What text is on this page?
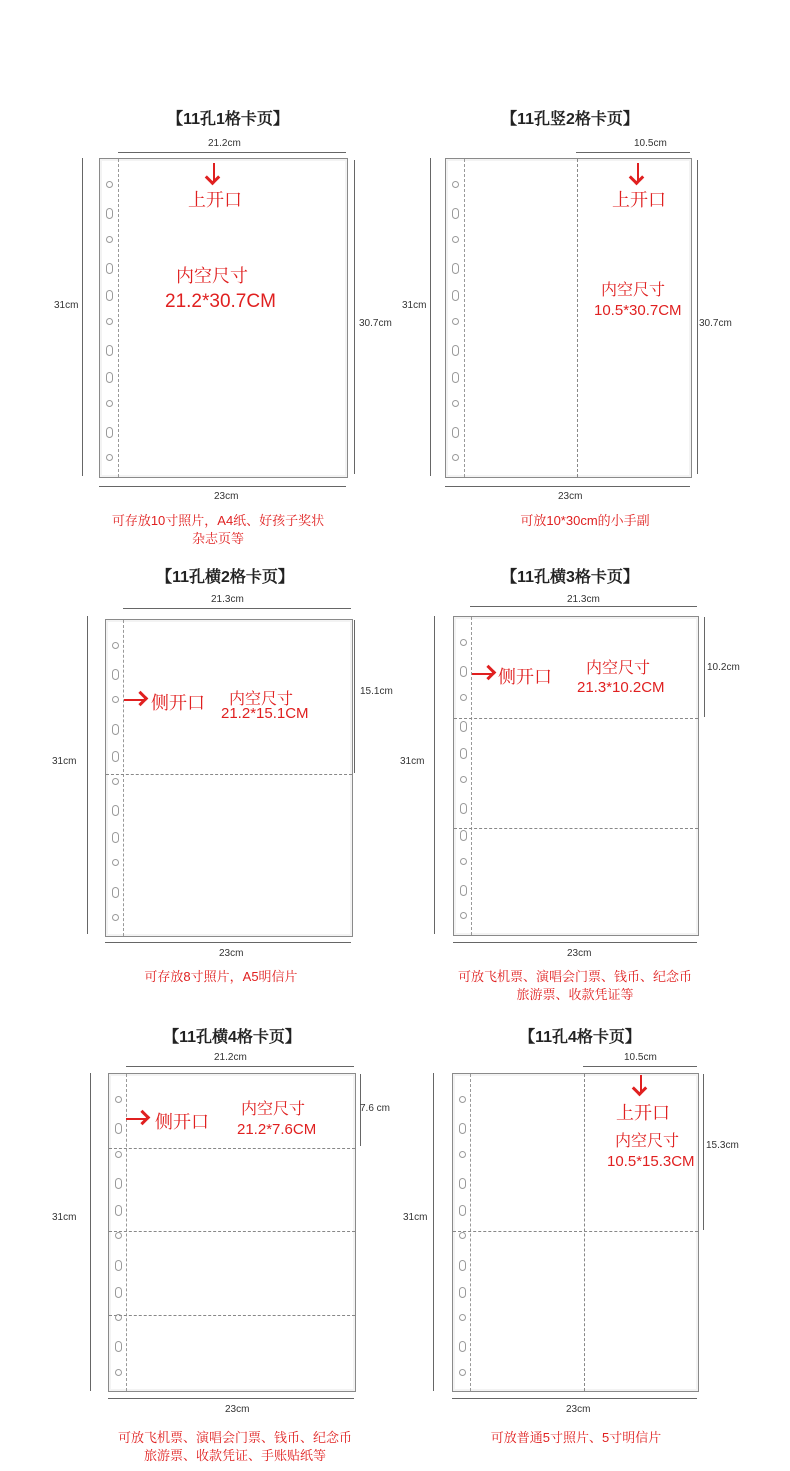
【11孔1格卡页】
21.2cm
31cm
30.7cm
23cm
上开口
内空尺寸
21.2*30.7CM
可存放10寸照片，A4纸、好孩子奖状
杂志页等
【11孔竖2格卡页】
10.5cm
31cm
30.7cm
23cm
上开口
内空尺寸
10.5*30.7CM
可放10*30cm的小手副
【11孔横2格卡页】
21.3cm
31cm
15.1cm
23cm
侧开口 内空尺寸
21.2*15.1CM
可存放8寸照片，A5明信片
【11孔横3格卡页】
21.3cm
31cm
10.2cm
23cm
侧开口 内空尺寸
21.3*10.2CM
可放飞机票、演唱会门票、钱币、纪念币
旅游票、收款凭证等
【11孔横4格卡页】
21.2cm
31cm
7.6 cm
23cm
侧开口
内空尺寸
21.2*7.6CM
可放飞机票、演唱会门票、钱币、纪念币
旅游票、收款凭证、手账贴纸等
【11孔4格卡页】
10.5cm
31cm
15.3cm
23cm
上开口
内空尺寸
10.5*15.3CM
可放普通5寸照片、5寸明信片
